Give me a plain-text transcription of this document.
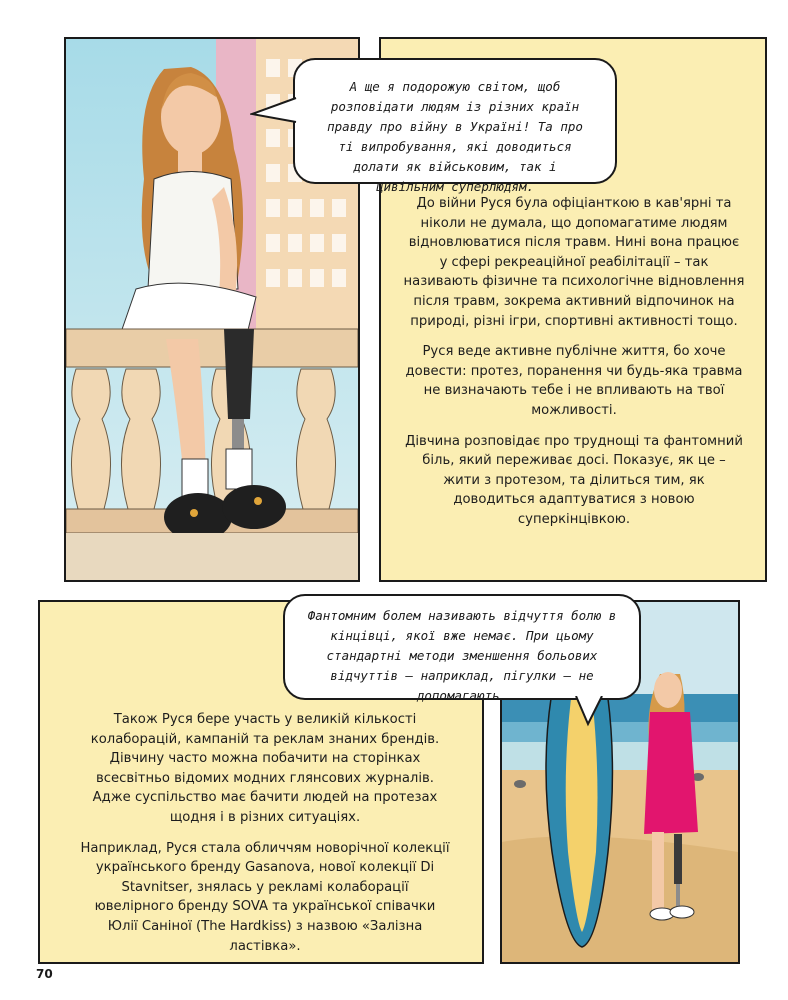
До війни Руся була офіціанткою в кав'ярні та ніколи не думала, що допомагатиме людям відновлюватися після травм. Нині вона працює у сфері рекреаційної реабілітації – так називають фізичне та психологічне відновлення після травм, зокрема активний відпочинок на природі, різні ігри, спортивні активності тощо.

Руся веде активне публічне життя, бо хоче довести: протез, поранення чи будь-яка травма не визначають тебе і не впливають на твої можливості.

Дівчина розповідає про труднощі та фантомний біль, який переживає досі. Показує, як це – жити з протезом, та ділиться тим, як доводиться адаптуватися з новою суперкінцівкою.

А ще я подорожую світом, щоб розповідати людям із різних країн правду про війну в Україні! Та про ті випробування, які доводиться долати як військовим, так і цивільним суперлюдям.

Також Руся бере участь у великій кількості колаборацій, кампаній та реклам знаних брендів. Дівчину часто можна побачити на сторінках всесвітньо відомих модних глянсових журналів. Адже суспільство має бачити людей на протезах щодня і в різних ситуаціях.

Наприклад, Руся стала обличчям новорічної колекції українського бренду Gasanova, нової колекції Di Stavnitser, знялась у рекламі колаборації ювелірного бренду SOVA та української співачки Юлії Саніної (The Hardkiss) з назвою «Залізна ластівка».

Фантомним болем називають відчуття болю в кінцівці, якої вже немає. При цьому стандартні методи зменшення больових відчуттів – наприклад, пігулки – не допомагають.
70
